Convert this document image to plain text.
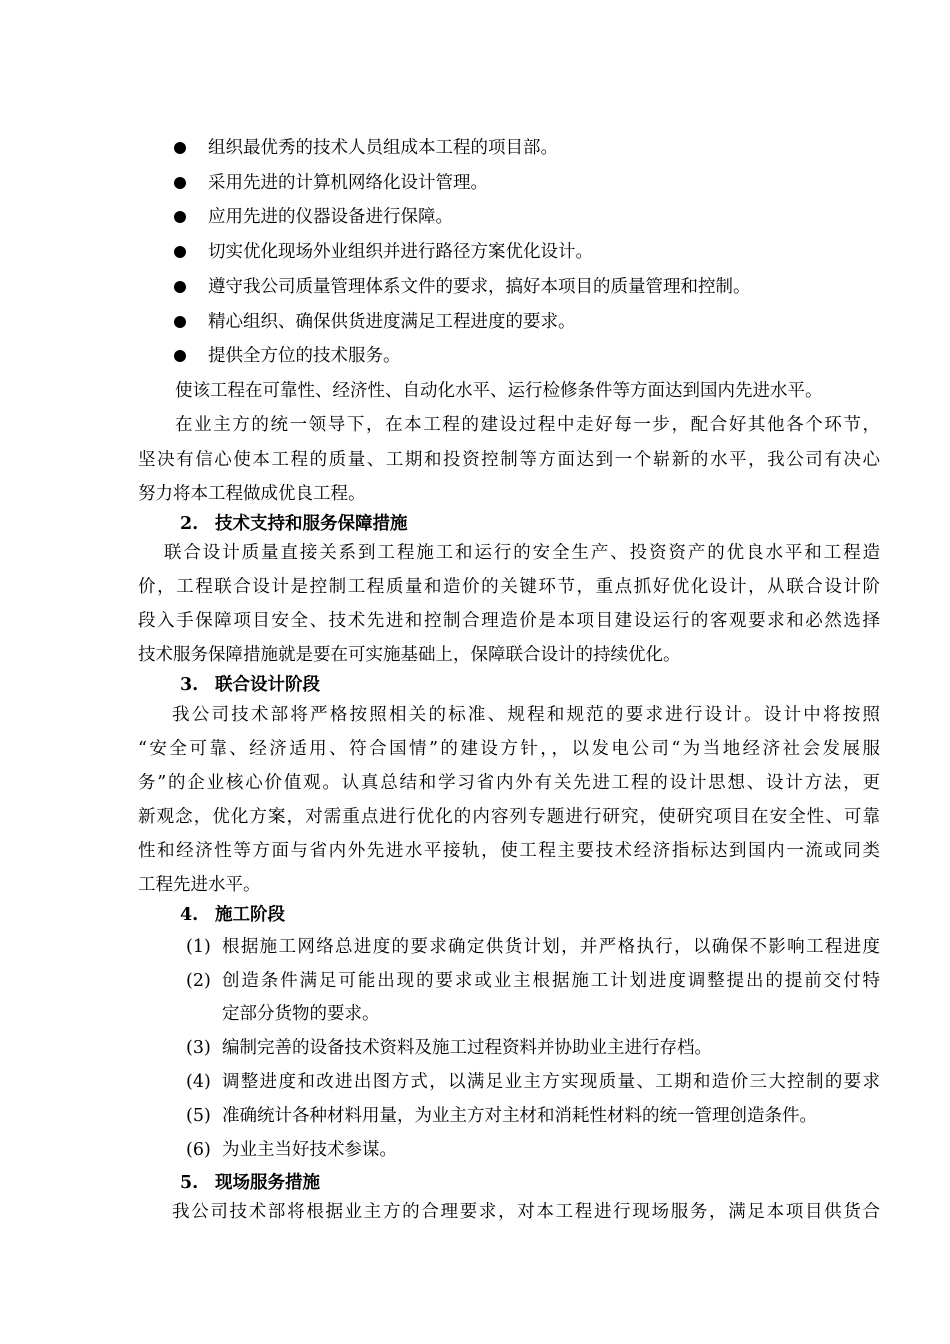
组织最优秀的技术人员组成本工程的项目部。
采用先进的计算机网络化设计管理。
应用先进的仪器设备进行保障。
切实优化现场外业组织并进行路径方案优化设计。
遵守我公司质量管理体系文件的要求，搞好本项目的质量管理和控制。
精心组织、确保供货进度满足工程进度的要求。
提供全方位的技术服务。
使该工程在可靠性、经济性、自动化水平、运行检修条件等方面达到国内先进水平。
在业主方的统一领导下，在本工程的建设过程中走好每一步，配合好其他各个环节，
坚决有信心使本工程的质量、工期和投资控制等方面达到一个崭新的水平，我公司有决心
努力将本工程做成优良工程。
2. 技术支持和服务保障措施
联合设计质量直接关系到工程施工和运行的安全生产、投资资产的优良水平和工程造
价，工程联合设计是控制工程质量和造价的关键环节，重点抓好优化设计，从联合设计阶
段入手保障项目安全、技术先进和控制合理造价是本项目建设运行的客观要求和必然选择
技术服务保障措施就是要在可实施基础上，保障联合设计的持续优化。
3. 联合设计阶段
我公司技术部将严格按照相关的标准、规程和规范的要求进行设计。设计中将按照
“安全可靠、经济适用、符合国情”的建设方针，，以发电公司“为当地经济社会发展服
务”的企业核心价值观。认真总结和学习省内外有关先进工程的设计思想、设计方法，更
新观念，优化方案，对需重点进行优化的内容列专题进行研究，使研究项目在安全性、可靠
性和经济性等方面与省内外先进水平接轨，使工程主要技术经济指标达到国内一流或同类
工程先进水平。
4. 施工阶段
(1) 根据施工网络总进度的要求确定供货计划，并严格执行，以确保不影响工程进度
(2) 创造条件满足可能出现的要求或业主根据施工计划进度调整提出的提前交付特
定部分货物的要求。
(3) 编制完善的设备技术资料及施工过程资料并协助业主进行存档。
(4) 调整进度和改进出图方式，以满足业主方实现质量、工期和造价三大控制的要求
(5) 准确统计各种材料用量，为业主方对主材和消耗性材料的统一管理创造条件。
(6) 为业主当好技术参谋。
5. 现场服务措施
我公司技术部将根据业主方的合理要求，对本工程进行现场服务，满足本项目供货合
